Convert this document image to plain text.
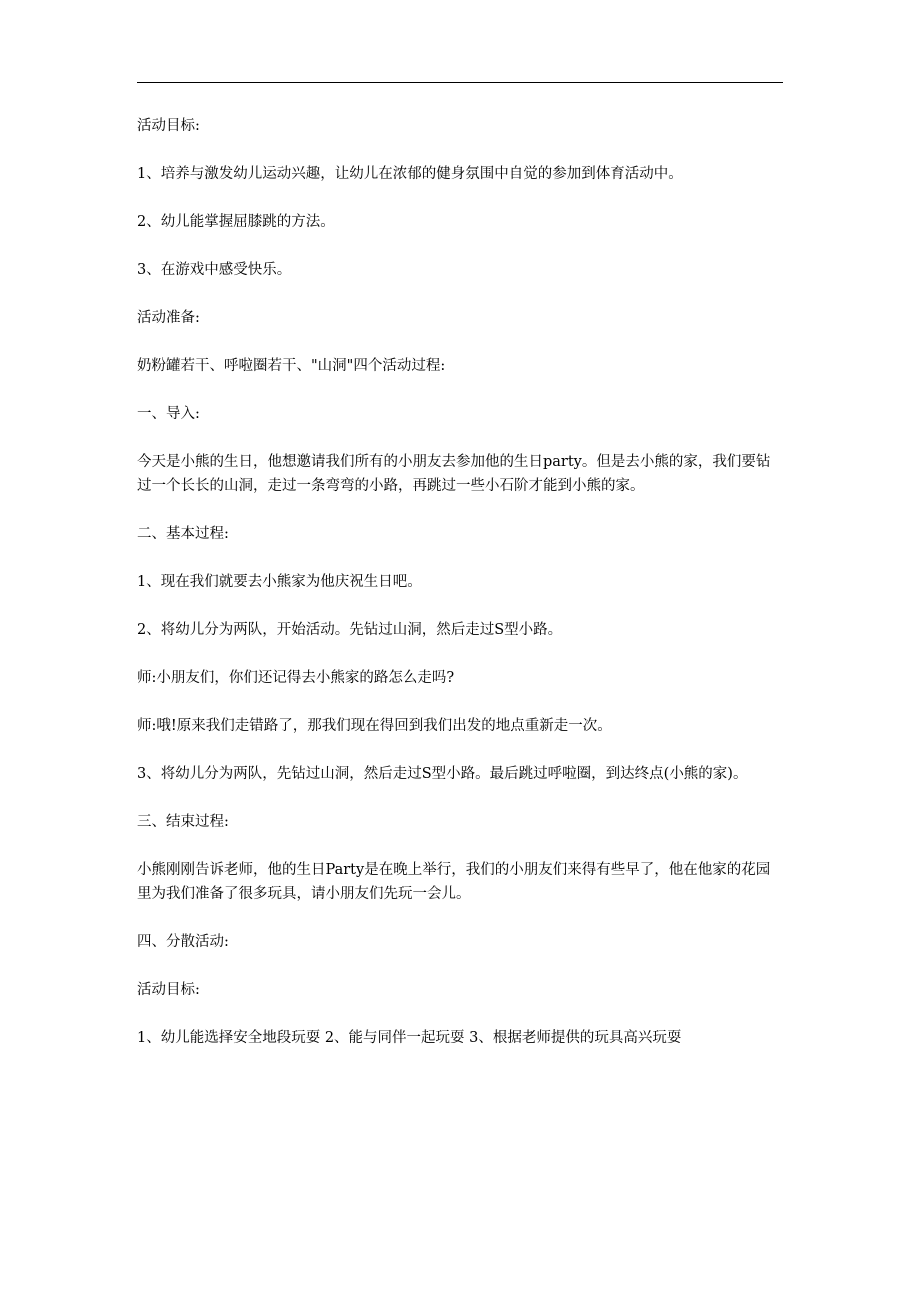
活动目标:

1、培养与激发幼儿运动兴趣，让幼儿在浓郁的健身氛围中自觉的参加到体育活动中。

2、幼儿能掌握屈膝跳的方法。

3、在游戏中感受快乐。

活动准备:

奶粉罐若干、呼啦圈若干、"山洞"四个活动过程:

一、导入:

今天是小熊的生日，他想邀请我们所有的小朋友去参加他的生日party。但是去小熊的家，我们要钻过一个长长的山洞，走过一条弯弯的小路，再跳过一些小石阶才能到小熊的家。

二、基本过程:

1、现在我们就要去小熊家为他庆祝生日吧。

2、将幼儿分为两队，开始活动。先钻过山洞，然后走过S型小路。

师:小朋友们，你们还记得去小熊家的路怎么走吗?

师:哦!原来我们走错路了，那我们现在得回到我们出发的地点重新走一次。

3、将幼儿分为两队，先钻过山洞，然后走过S型小路。最后跳过呼啦圈，到达终点(小熊的家)。

三、结束过程:

小熊刚刚告诉老师，他的生日Party是在晚上举行，我们的小朋友们来得有些早了，他在他家的花园里为我们准备了很多玩具，请小朋友们先玩一会儿。

四、分散活动:

活动目标:

1、幼儿能选择安全地段玩耍 2、能与同伴一起玩耍 3、根据老师提供的玩具高兴玩耍
